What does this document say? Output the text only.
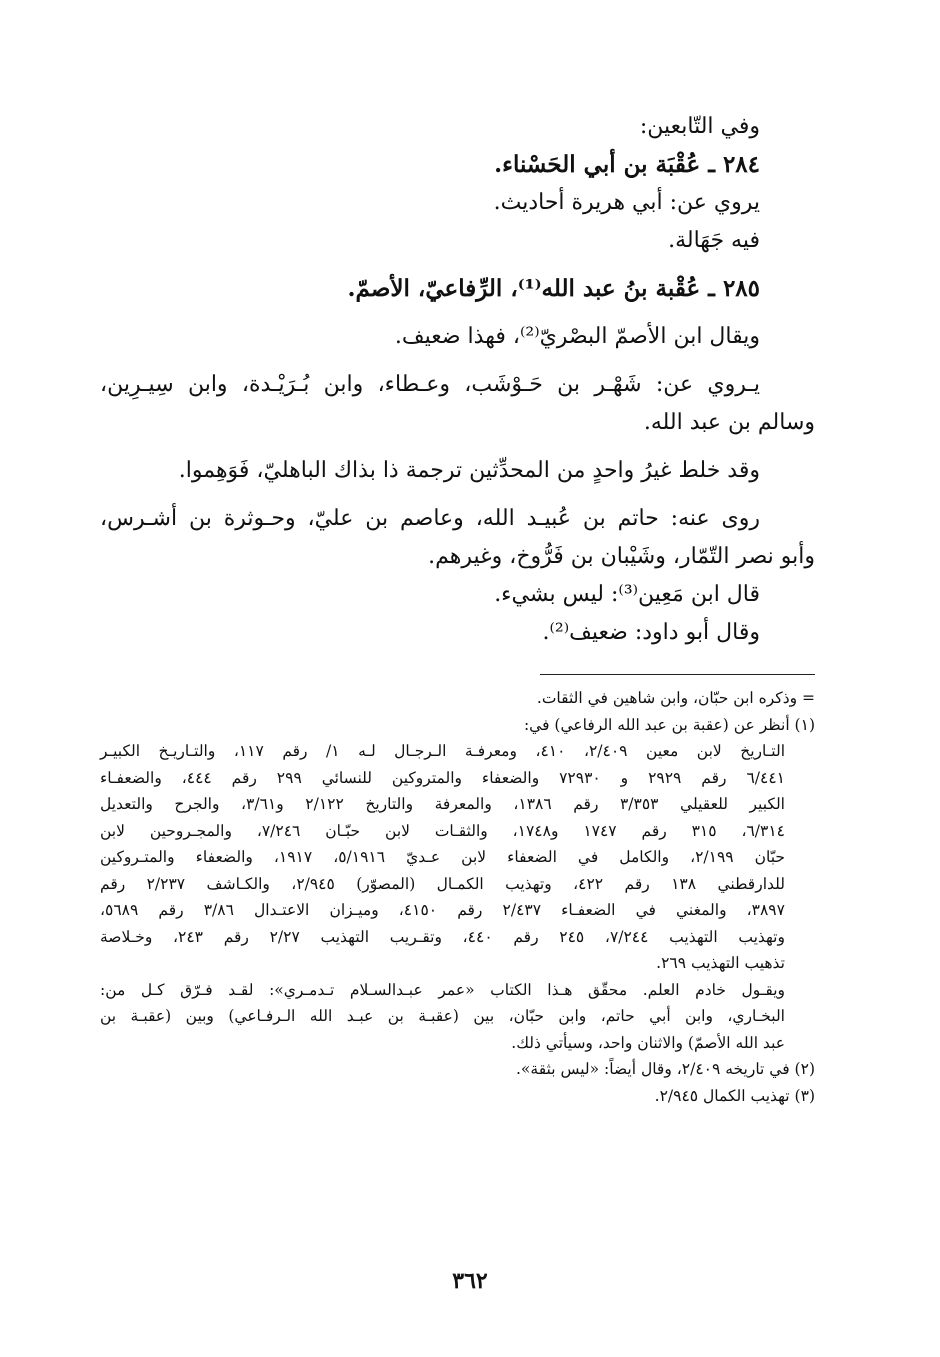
وفي التّابعين:
٢٨٤ ـ عُقْبَة بن أبي الحَسْناء.
يروي عن: أبي هريرة أحاديث.
فيه جَهَالة.
٢٨٥ ـ عُقْبة بنُ عبد الله⁽¹⁾، الرِّفاعيّ، الأصمّ.
ويقال ابن الأصمّ البصْريّ⁽²⁾، فهذا ضعيف.
يـروي عن: شَهْـر بن حَـوْشَب، وعـطاء، وابن بُـرَيْـدة، وابن سِيـرِين،
وسالم بن عبد الله.
وقد خلط غيرُ واحدٍ من المحدِّثين ترجمة ذا بذاك الباهليّ، فَوَهِموا.
روى عنه: حاتم بن عُبيـد الله، وعاصم بن عليّ، وحـوثرة بن أشـرس،
وأبو نصر التّمّار، وشَيْبان بن فَرُّوخ، وغيرهم.
قال ابن مَعِين⁽³⁾: ليس بشيء.
وقال أبو داود: ضعيف⁽²⁾.
= وذكره ابن حبّان، وابن شاهين في الثقات.
(١) أنظر عن (عقبة بن عبد الله الرفاعي) في:
التـاريخ لابن معين ٢/٤٠٩، ٤١٠، ومعرفـة الـرجـال لـه ١/ رقم ١١٧، والتـاريـخ الكبيـر
٦/٤٤١ رقم ٢٩٢٩ و ٧٢٩٣٠ والضعفاء والمتروكين للنسائي ٢٩٩ رقم ٤٤٤، والضعفـاء
الكبير للعقيلي ٣/٣٥٣ رقم ١٣٨٦، والمعرفة والتاريخ ٢/١٢٢ و٣/٦١، والجرح والتعديل
٦/٣١٤، ٣١٥ رقم ١٧٤٧ و١٧٤٨، والثقـات لابن حبّـان ٧/٢٤٦، والمجـروحين لابن
حبّان ٢/١٩٩، والكامل في الضعفاء لابن عـديّ ٥/١٩١٦، ١٩١٧، والضعفاء والمتـروكين
للدارقطني ١٣٨ رقم ٤٢٢، وتهذيب الكمـال (المصوّر) ٢/٩٤٥، والكـاشف ٢/٢٣٧ رقم
٣٨٩٧، والمغني في الضعفـاء ٢/٤٣٧ رقم ٤١٥٠، وميـزان الاعتـدال ٣/٨٦ رقم ٥٦٨٩،
وتهذيب التهذيب ٧/٢٤٤، ٢٤٥ رقم ٤٤٠، وتقـريب التهذيب ٢/٢٧ رقم ٢٤٣، وخـلاصة
تذهيب التهذيب ٢٦٩.
ويقـول خادم العلم. محقّق هـذا الكتاب «عمر عبـدالسـلام تـدمـري»: لقـد فـرّق كـل من:
البخـاري، وابن أبي حاتم، وابن حبّان، بين (عقبـة بن عبـد الله الـرفـاعي) وبين (عقبـة بن
عبد الله الأصمّ) والاثنان واحد، وسيأتي ذلك.
(٢) في تاريخه ٢/٤٠٩، وقال أيضاً: «ليس بثقة».
(٣) تهذيب الكمال ٢/٩٤٥.
٣٦٢
